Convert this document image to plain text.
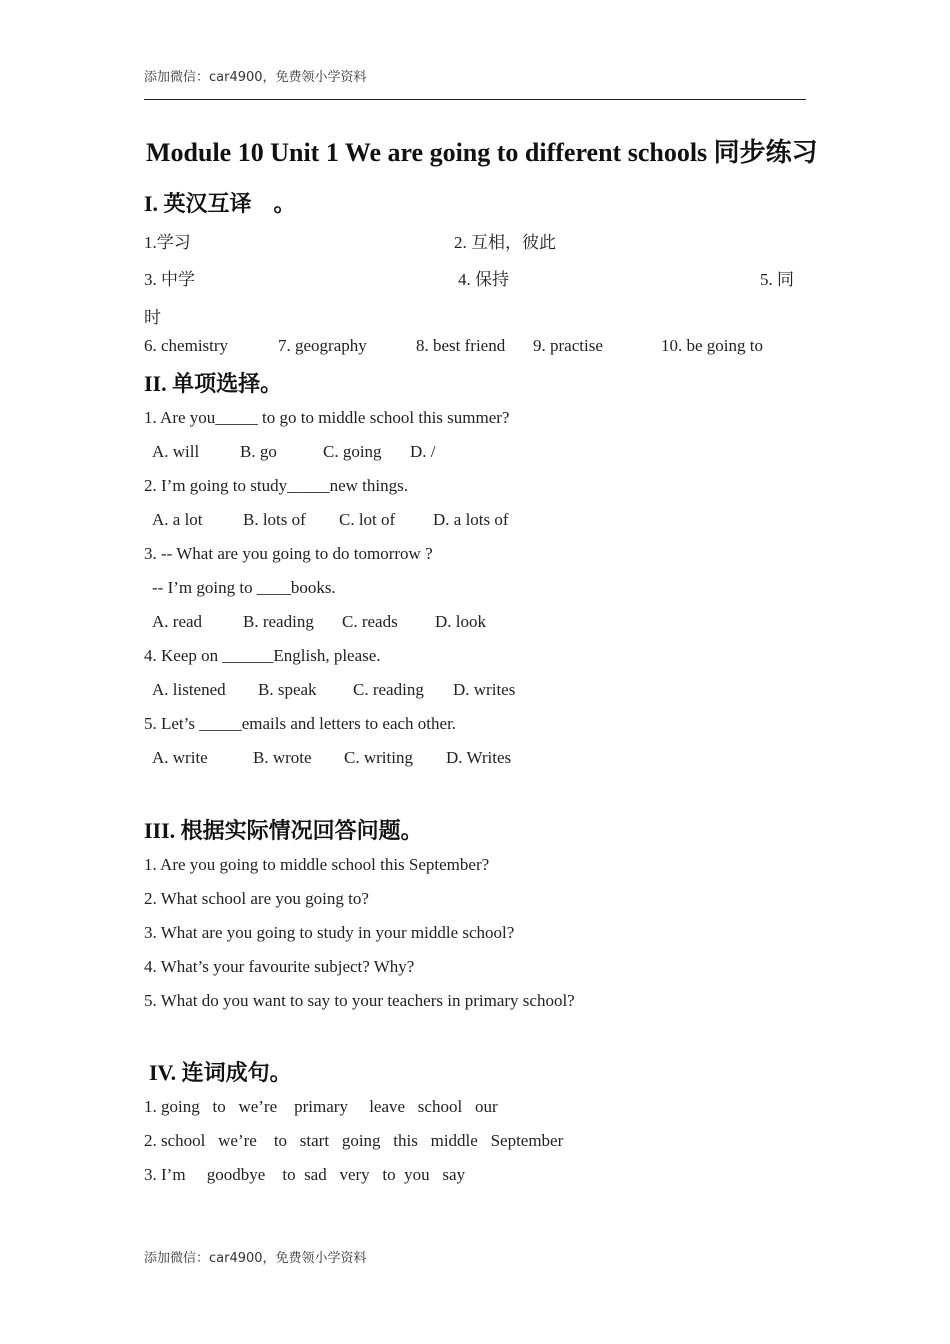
添加微信：car4900，免费领小学资料
Module 10 Unit 1 We are going to different schools 同步练习
I. 英汉互译　。
1.学习	2. 互相，彼此
3. 中学	4. 保持	5. 同
时
6. chemistry	7. geography	8. best friend 9. practise	10. be going to
II. 单项选择。
1. Are you_____ to go to middle school this summer?
A. will B. go	C. going D. /
2. I’m going to study_____new things.
A. a lot B. lots of C. lot of D. a lots of
3. -- What are you going to do tomorrow ?
-- I’m going to ____books.
A. read B. reading C. reads D. look
4. Keep on ______English, please.
A. listened B. speak C. reading D. writes
5. Let’s _____emails and letters to each other.
A. write	B. wrote C. writing D. Writes
III. 根据实际情况回答问题。
1. Are you going to middle school this September?
2. What school are you going to?
3. What are you going to study in your middle school?
4. What’s your favourite subject? Why?
5. What do you want to say to your teachers in primary school?
IV. 连词成句。
1. going   to   we’re    primary     leave   school   our
2. school   we’re    to   start   going   this   middle   September
3. I’m     goodbye    to  sad   very   to  you   say
添加微信：car4900，免费领小学资料
